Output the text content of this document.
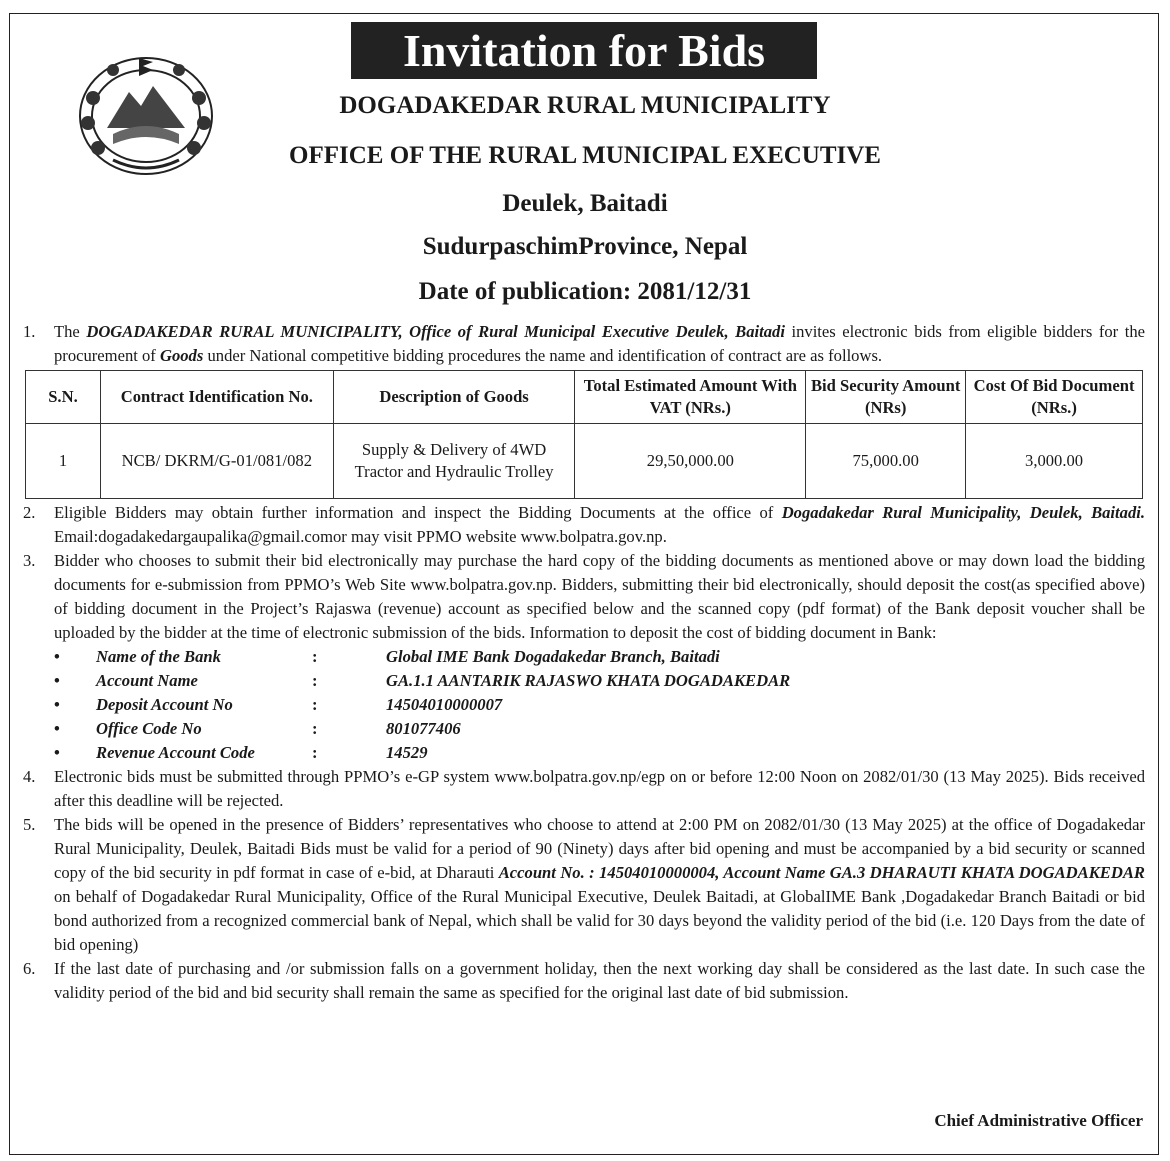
Invitation for Bids
DOGADAKEDAR RURAL MUNICIPALITY
OFFICE OF THE RURAL MUNICIPAL EXECUTIVE
Deulek, Baitadi
SudurpaschimProvince, Nepal
Date of publication: 2081/12/31
1. The DOGADAKEDAR RURAL MUNICIPALITY, Office of Rural Municipal Executive Deulek, Baitadi invites electronic bids from eligible bidders for the procurement of Goods under National competitive bidding procedures the name and identification of contract are as follows.
S.N.	Contract Identification No.	Description of Goods	Total Estimated Amount With VAT (NRs.)	Bid Security Amount (NRs)	Cost Of Bid Document (NRs.)
1	NCB/ DKRM/G-01/081/082	Supply & Delivery of 4WD Tractor and Hydraulic Trolley	29,50,000.00	75,000.00	3,000.00
2. Eligible Bidders may obtain further information and inspect the Bidding Documents at the office of Dogadakedar Rural Municipality, Deulek, Baitadi. Email:dogadakedargaupalika@gmail.comor may visit PPMO website www.bolpatra.gov.np.
3. Bidder who chooses to submit their bid electronically may purchase the hard copy of the bidding documents as mentioned above or may down load the bidding documents for e-submission from PPMO’s Web Site www.bolpatra.gov.np. Bidders, submitting their bid electronically, should deposit the cost(as specified above) of bidding document in the Project’s Rajaswa (revenue) account as specified below and the scanned copy (pdf format) of the Bank deposit voucher shall be uploaded by the bidder at the time of electronic submission of the bids. Information to deposit the cost of bidding document in Bank:
•	Name of the Bank	:	Global IME Bank Dogadakedar Branch, Baitadi
•	Account Name	:	GA.1.1 AANTARIK RAJASWO KHATA DOGADAKEDAR
•	Deposit Account No	:	14504010000007
•	Office Code No	:	801077406
•	Revenue Account Code	:	14529
4. Electronic bids must be submitted through PPMO’s e-GP system www.bolpatra.gov.np/egp on or before 12:00 Noon on 2082/01/30 (13 May 2025). Bids received after this deadline will be rejected.
5. The bids will be opened in the presence of Bidders’ representatives who choose to attend at 2:00 PM on 2082/01/30 (13 May 2025) at the office of Dogadakedar Rural Municipality, Deulek, Baitadi Bids must be valid for a period of 90 (Ninety) days after bid opening and must be accompanied by a bid security or scanned copy of the bid security in pdf format in case of e-bid, at Dharauti Account No. : 14504010000004, Account Name GA.3 DHARAUTI KHATA DOGADAKEDAR on behalf of Dogadakedar Rural Municipality, Office of the Rural Municipal Executive, Deulek Baitadi, at GlobalIME Bank ,Dogadakedar Branch Baitadi or bid bond authorized from a recognized commercial bank of Nepal, which shall be valid for 30 days beyond the validity period of the bid (i.e. 120 Days from the date of bid opening)
6. If the last date of purchasing and /or submission falls on a government holiday, then the next working day shall be considered as the last date. In such case the validity period of the bid and bid security shall remain the same as specified for the original last date of bid submission.
Chief Administrative Officer
